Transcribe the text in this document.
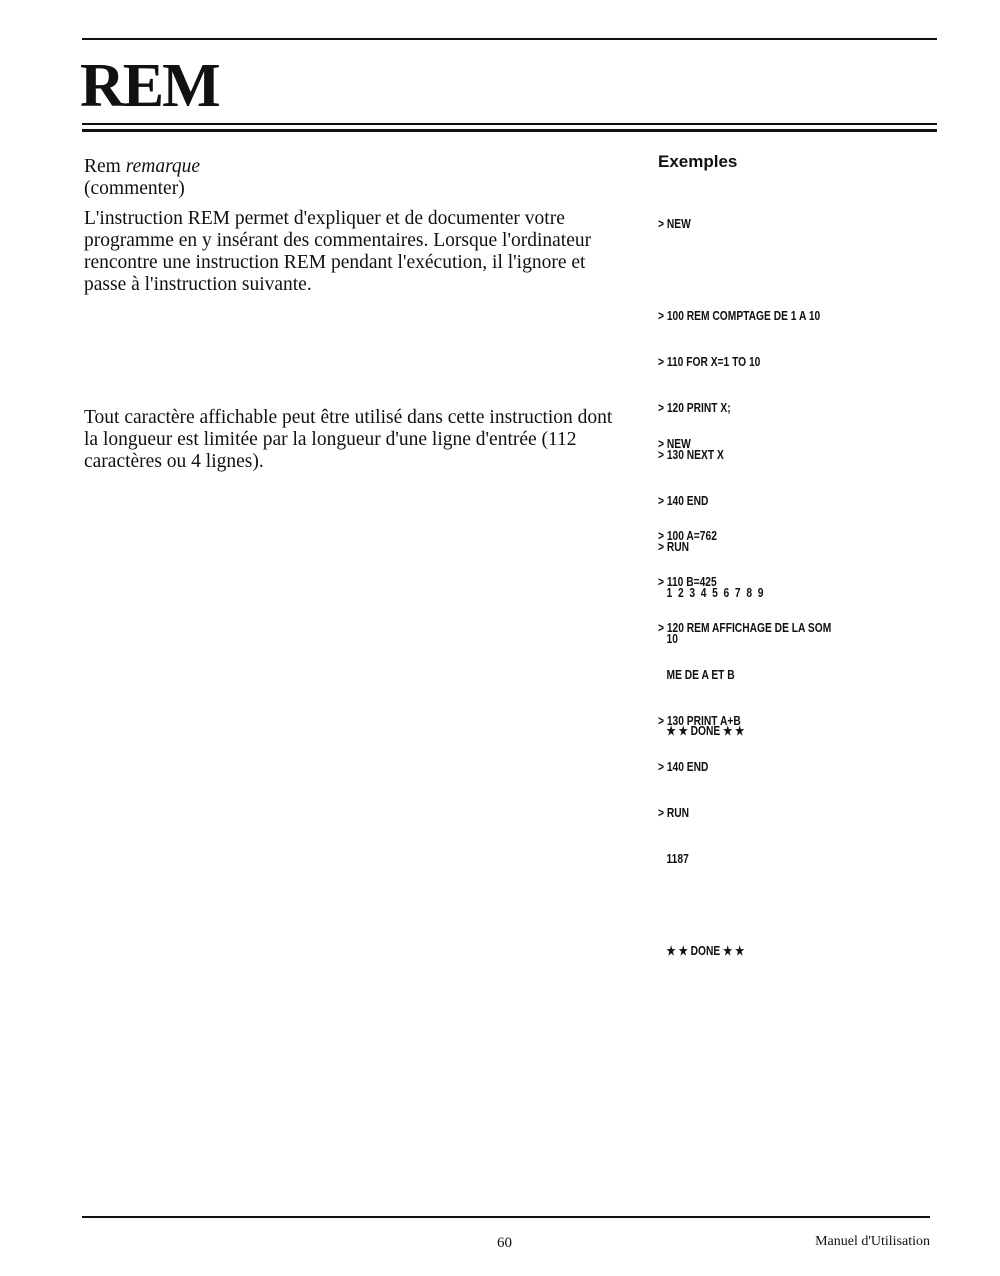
REM

Rem remarque

(commenter)

L'instruction REM permet d'expliquer et de documenter votre programme en y insérant des commentaires. Lorsque l'ordinateur rencontre une instruction REM pendant l'exécution, il l'ignore et passe à l'instruction suivante.

Tout caractère affichable peut être utilisé dans cette instruction dont la longueur est limitée par la longueur d'une ligne d'entrée (112 caractères ou 4 lignes).

Exemples

> NEW

> 100 REM COMPTAGE DE 1 A 10

> 110 FOR X=1 TO 10

> 120 PRINT X;

> 130 NEXT X

> 140 END

> RUN

1  2  3  4  5  6  7  8  9

10

★ ★ DONE ★ ★

> NEW

> 100 A=762

> 110 B=425

> 120 REM AFFICHAGE DE LA SOM

ME DE A ET B

> 130 PRINT A+B

> 140 END

> RUN

1187

★ ★ DONE ★ ★

60	Manuel d'Utilisation
